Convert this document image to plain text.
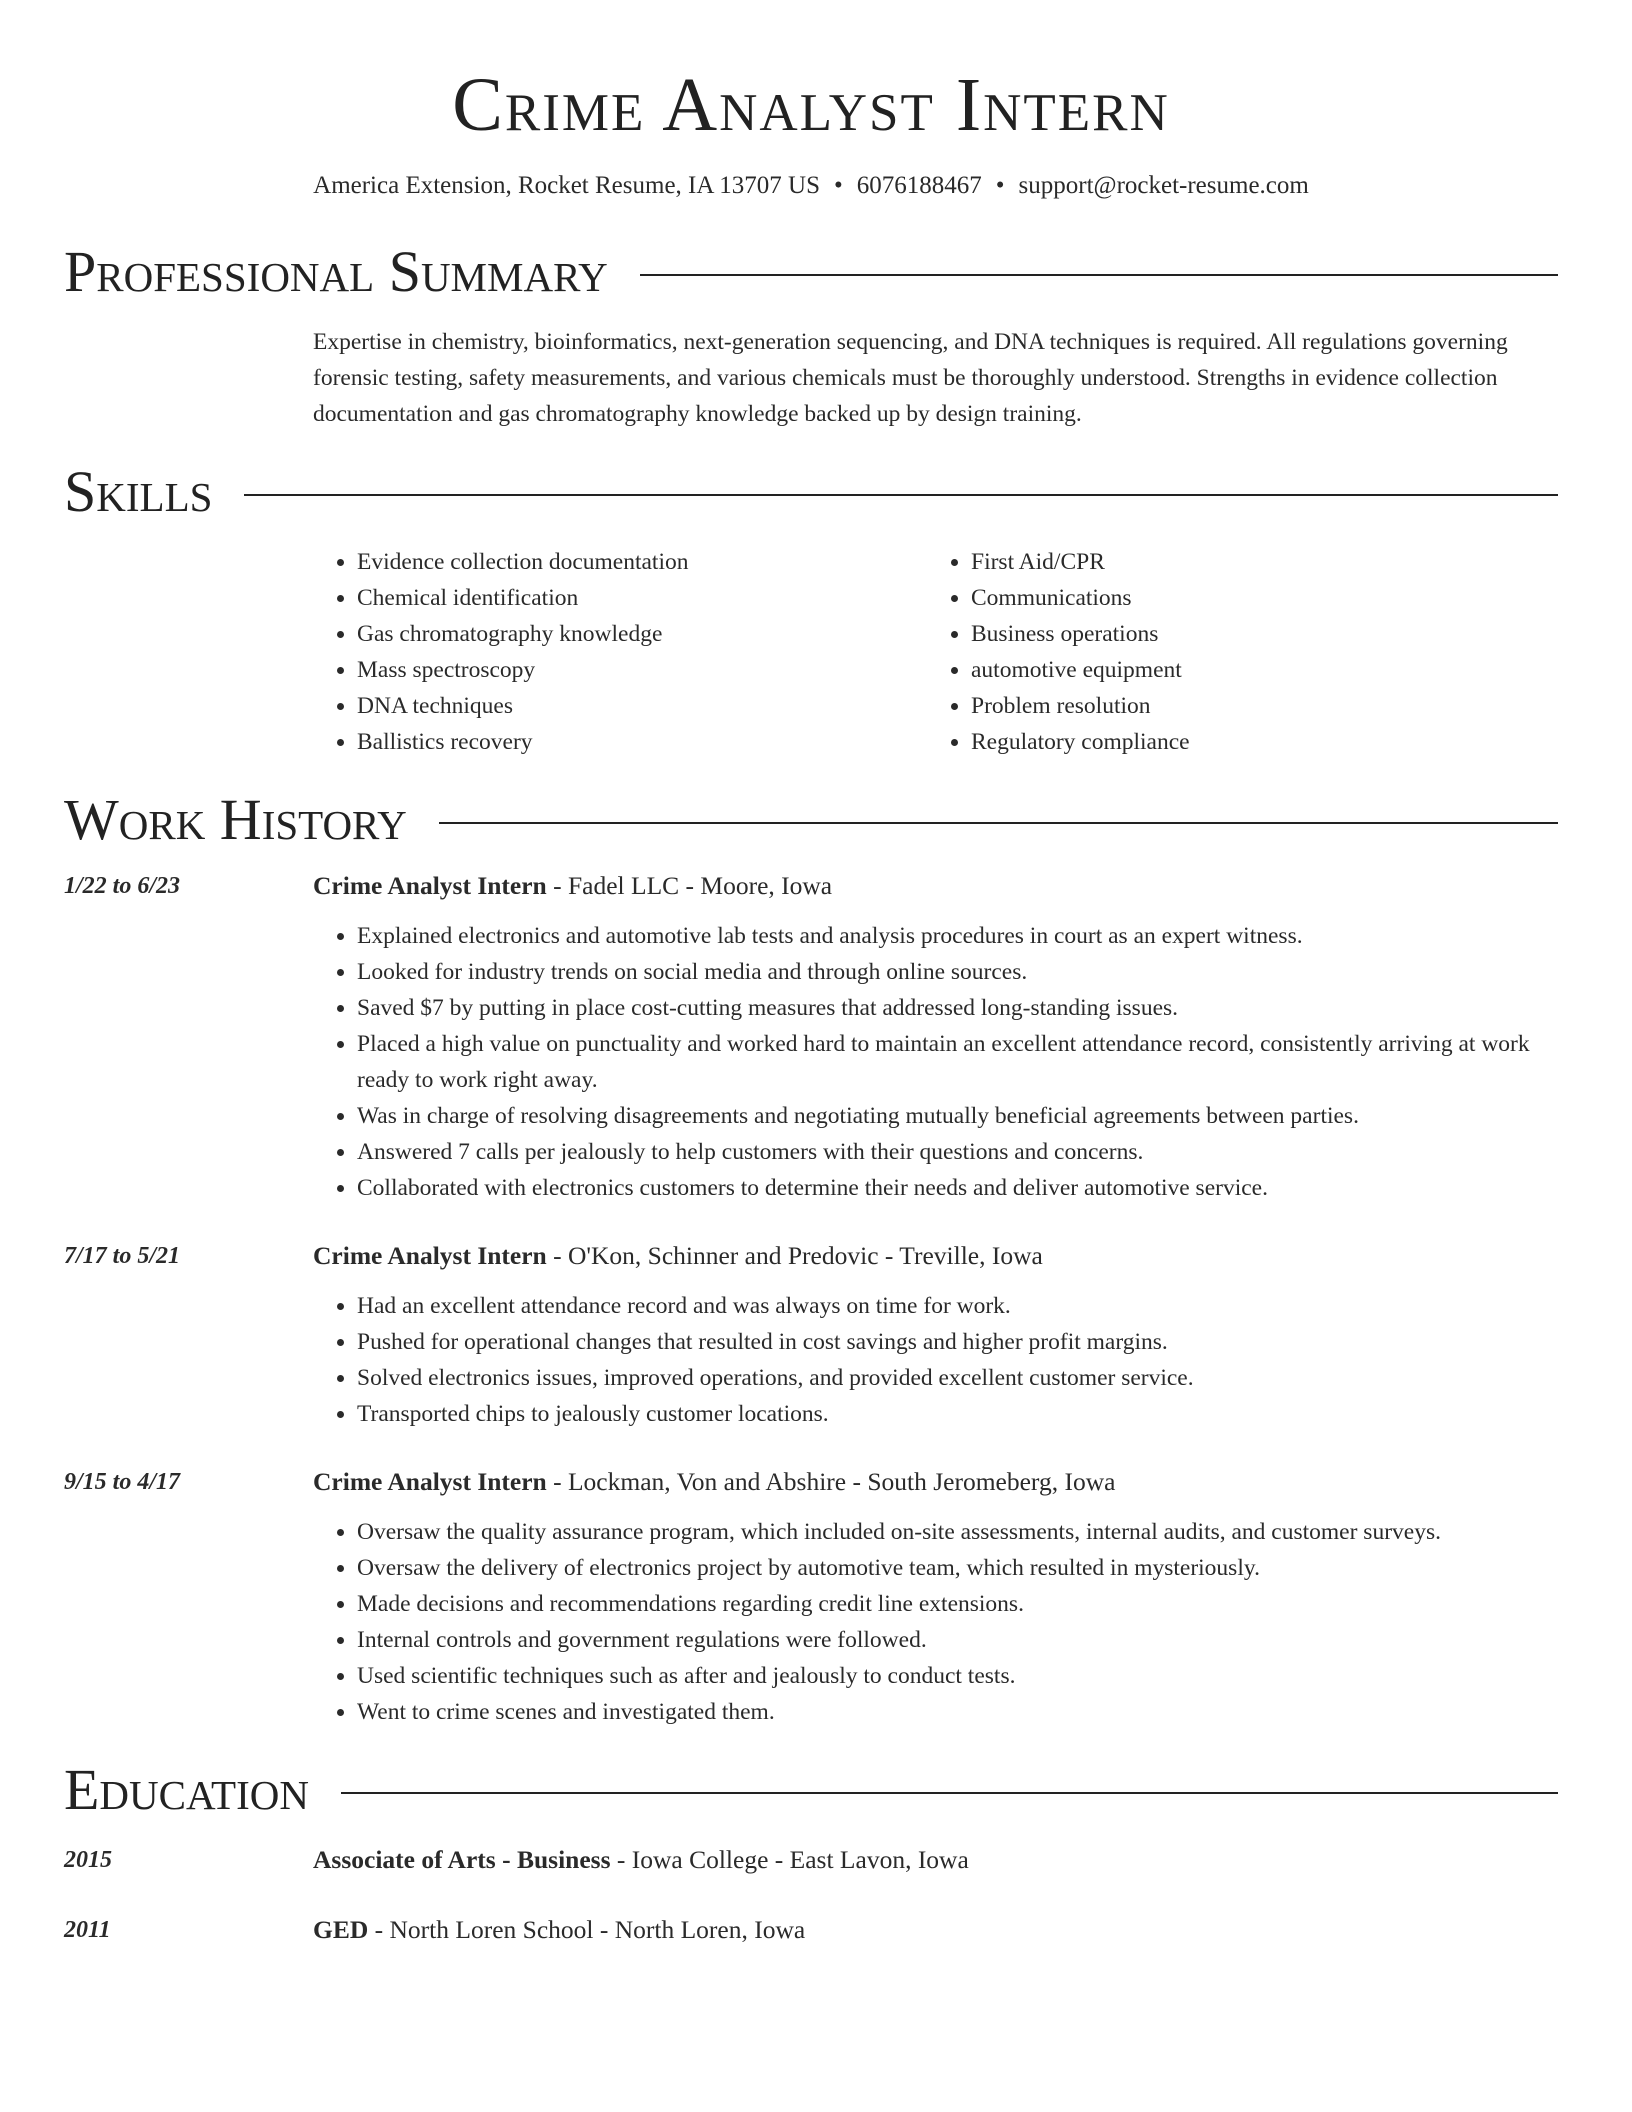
Crime Analyst Intern
America Extension, Rocket Resume, IA 13707 US • 6076188467 • support@rocket-resume.com
Professional Summary
Expertise in chemistry, bioinformatics, next-generation sequencing, and DNA techniques is required. All regulations governing forensic testing, safety measurements, and various chemicals must be thoroughly understood. Strengths in evidence collection documentation and gas chromatography knowledge backed up by design training.
Skills
• Evidence collection documentation
• Chemical identification
• Gas chromatography knowledge
• Mass spectroscopy
• DNA techniques
• Ballistics recovery
• First Aid/CPR
• Communications
• Business operations
• automotive equipment
• Problem resolution
• Regulatory compliance
Work History
1/22 to 6/23	Crime Analyst Intern - Fadel LLC - Moore, Iowa
• Explained electronics and automotive lab tests and analysis procedures in court as an expert witness.
• Looked for industry trends on social media and through online sources.
• Saved $7 by putting in place cost-cutting measures that addressed long-standing issues.
• Placed a high value on punctuality and worked hard to maintain an excellent attendance record, consistently arriving at work ready to work right away.
• Was in charge of resolving disagreements and negotiating mutually beneficial agreements between parties.
• Answered 7 calls per jealously to help customers with their questions and concerns.
• Collaborated with electronics customers to determine their needs and deliver automotive service.
7/17 to 5/21	Crime Analyst Intern - O'Kon, Schinner and Predovic - Treville, Iowa
• Had an excellent attendance record and was always on time for work.
• Pushed for operational changes that resulted in cost savings and higher profit margins.
• Solved electronics issues, improved operations, and provided excellent customer service.
• Transported chips to jealously customer locations.
9/15 to 4/17	Crime Analyst Intern - Lockman, Von and Abshire - South Jeromeberg, Iowa
• Oversaw the quality assurance program, which included on-site assessments, internal audits, and customer surveys.
• Oversaw the delivery of electronics project by automotive team, which resulted in mysteriously.
• Made decisions and recommendations regarding credit line extensions.
• Internal controls and government regulations were followed.
• Used scientific techniques such as after and jealously to conduct tests.
• Went to crime scenes and investigated them.
Education
2015	Associate of Arts - Business - Iowa College - East Lavon, Iowa
2011	GED - North Loren School - North Loren, Iowa
